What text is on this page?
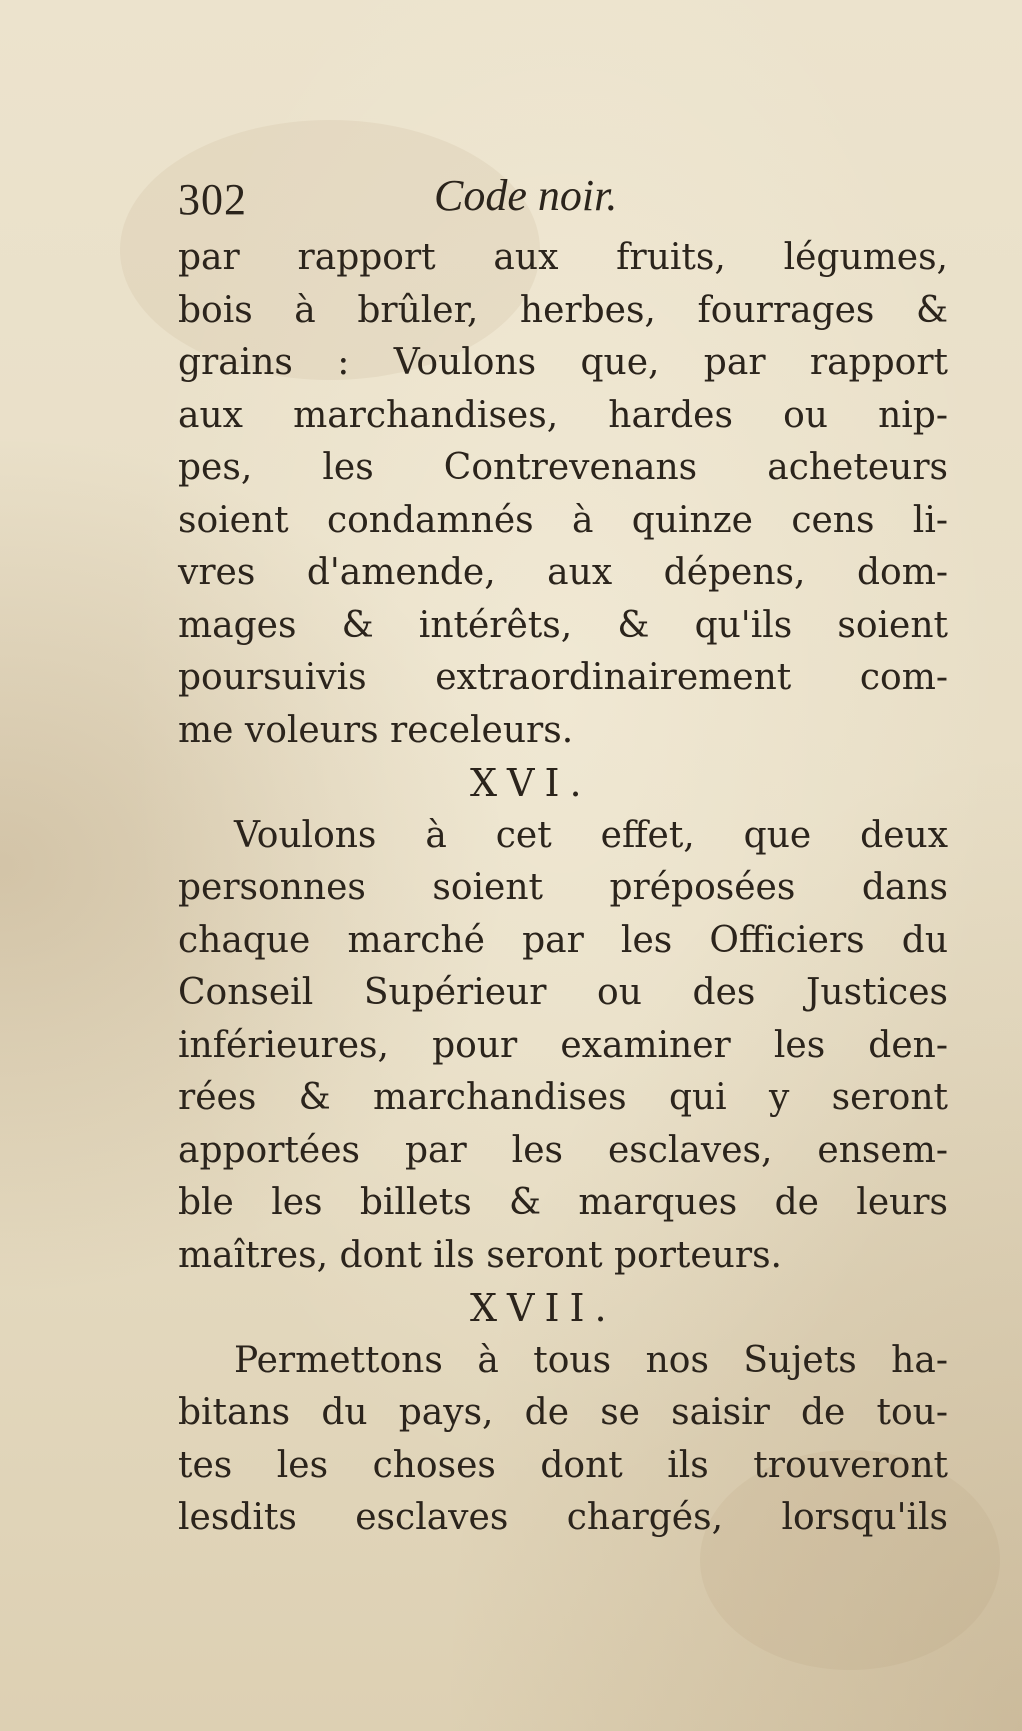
302	Code noir.
par rapport aux fruits, légumes,
bois à brûler, herbes, fourrages &
grains : Voulons que, par rapport
aux marchandises, hardes ou nip-
pes, les Contrevenans acheteurs
soient condamnés à quinze cens li-
vres d'amende, aux dépens, dom-
mages & intérêts, & qu'ils soient
poursuivis extraordinairement com-
me voleurs receleurs.
XVI.
Voulons à cet effet, que deux
personnes soient préposées dans
chaque marché par les Officiers du
Conseil Supérieur ou des Justices
inférieures, pour examiner les den-
rées & marchandises qui y seront
apportées par les esclaves, ensem-
ble les billets & marques de leurs
maîtres, dont ils seront porteurs.
XVII.
Permettons à tous nos Sujets ha-
bitans du pays, de se saisir de tou-
tes les choses dont ils trouveront
lesdits esclaves chargés, lorsqu'ils
